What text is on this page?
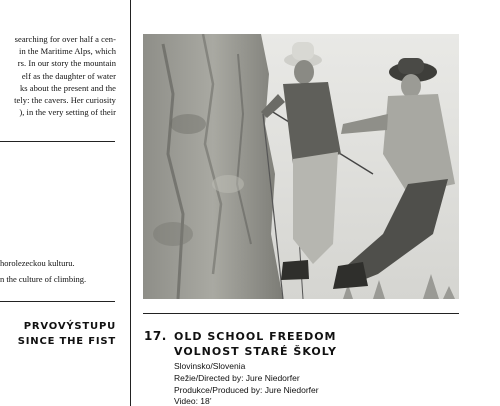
searching for over half a cen-
in the Maritime Alps, which
rs. In our story the mountain
elf as the daughter of water
ks about the present and the
tely: the cavers. Her curiosity
), in the very setting of their
horolezeckou kulturu.
n the culture of climbing.
PRVOVÝSTUPU
SINCE THE FIST 17. OLD SCHOOL FREEDOM
VOLNOST STARÉ ŠKOLY
Slovinsko/Slovenia
Režie/Directed by: Jure Niedorfer
Produkce/Produced by: Jure Niedorfer
Video: 18’
